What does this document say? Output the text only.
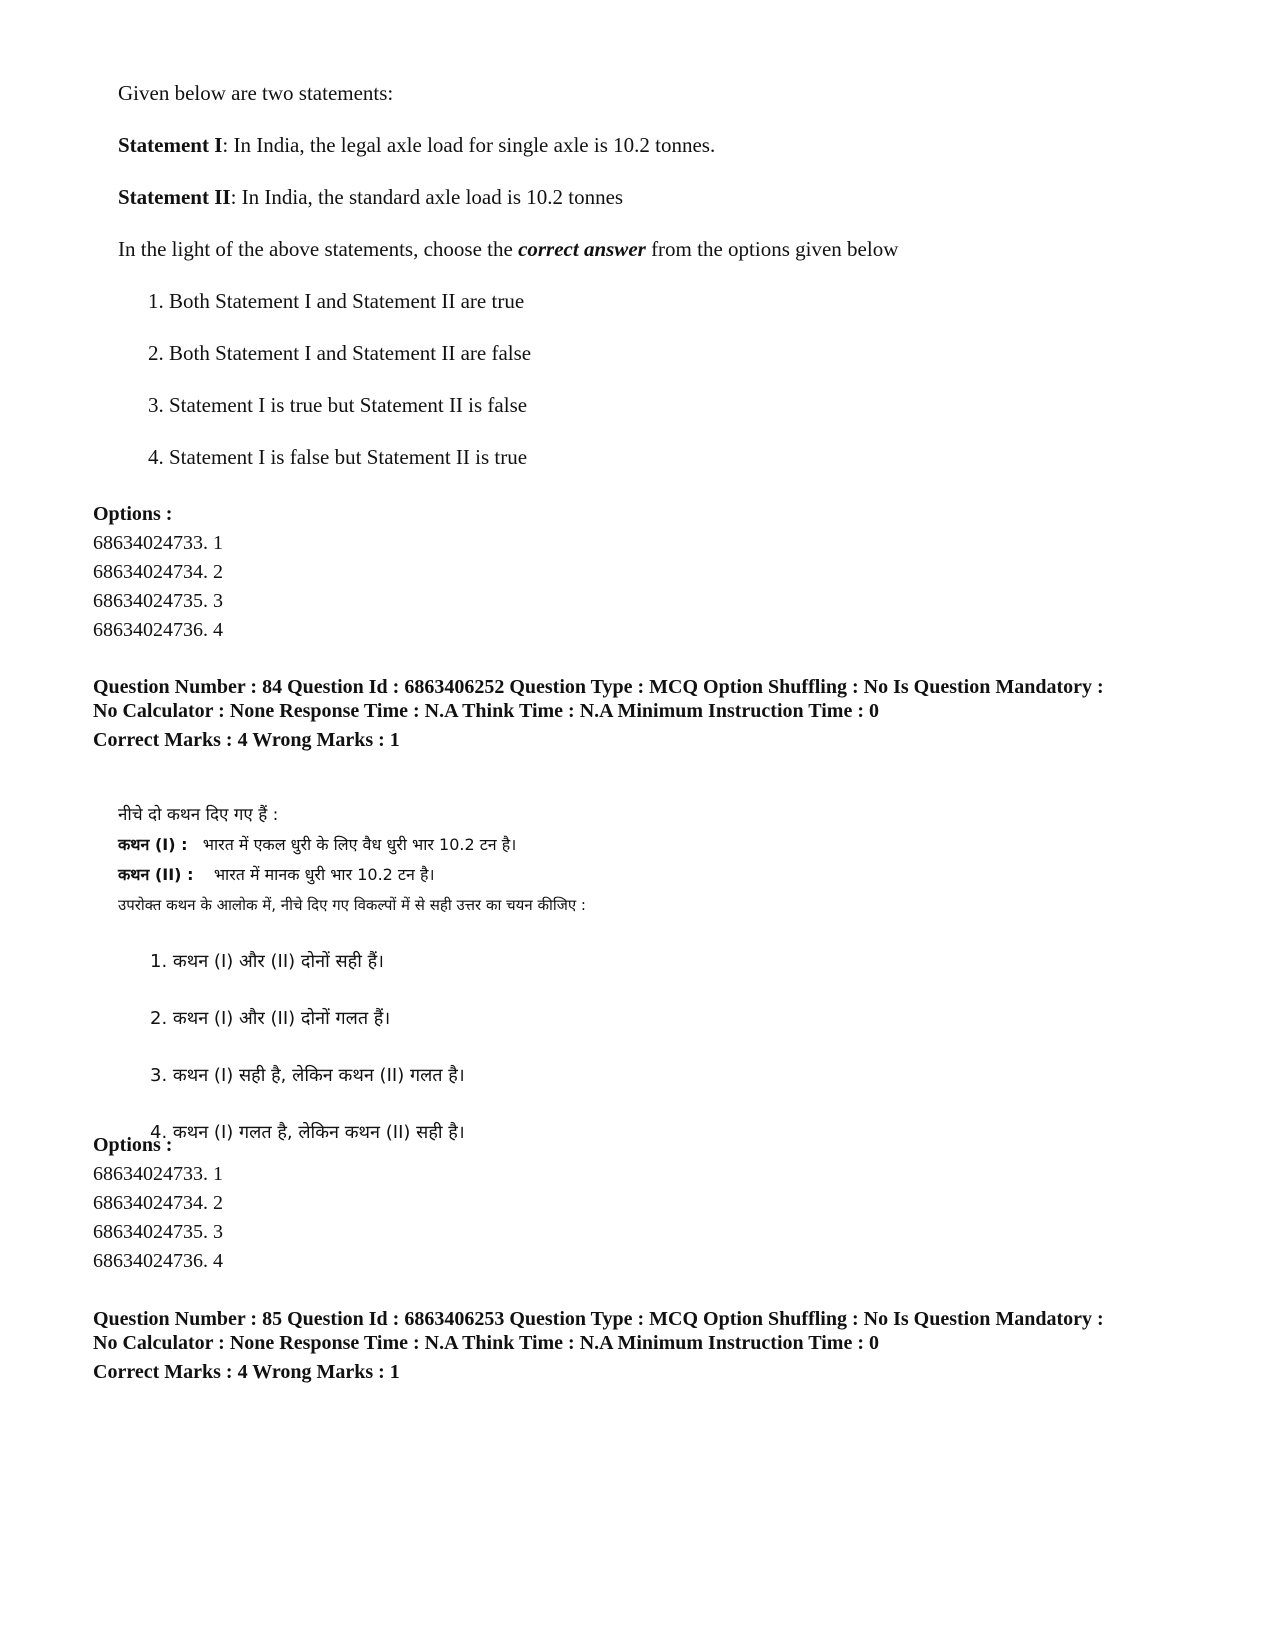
Given below are two statements:

Statement I: In India, the legal axle load for single axle is 10.2 tonnes.

Statement II: In India, the standard axle load is 10.2 tonnes

In the light of the above statements, choose the correct answer from the options given below

1. Both Statement I and Statement II are true

2. Both Statement I and Statement II are false

3. Statement I is true but Statement II is false

4. Statement I is false but Statement II is true

Options :
68634024733. 1
68634024734. 2
68634024735. 3
68634024736. 4
Question Number : 84 Question Id : 6863406252 Question Type : MCQ Option Shuffling : No Is Question Mandatory :
No Calculator : None Response Time : N.A Think Time : N.A Minimum Instruction Time : 0
Correct Marks : 4 Wrong Marks : 1
नीचे दो कथन दिए गए हैं :
कथन (I) : भारत में एकल धुरी के लिए वैध धुरी भार 10.2 टन है।
कथन (II) : भारत में मानक धुरी भार 10.2 टन है।
उपरोक्त कथन के आलोक में, नीचे दिए गए विकल्पों में से सही उत्तर का चयन कीजिए :
1. कथन (I) और (II) दोनों सही हैं।
2. कथन (I) और (II) दोनों गलत हैं।
3. कथन (I) सही है, लेकिन कथन (II) गलत है।
4. कथन (I) गलत है, लेकिन कथन (II) सही है।
Options :
68634024733. 1
68634024734. 2
68634024735. 3
68634024736. 4
Question Number : 85 Question Id : 6863406253 Question Type : MCQ Option Shuffling : No Is Question Mandatory :
No Calculator : None Response Time : N.A Think Time : N.A Minimum Instruction Time : 0
Correct Marks : 4 Wrong Marks : 1
